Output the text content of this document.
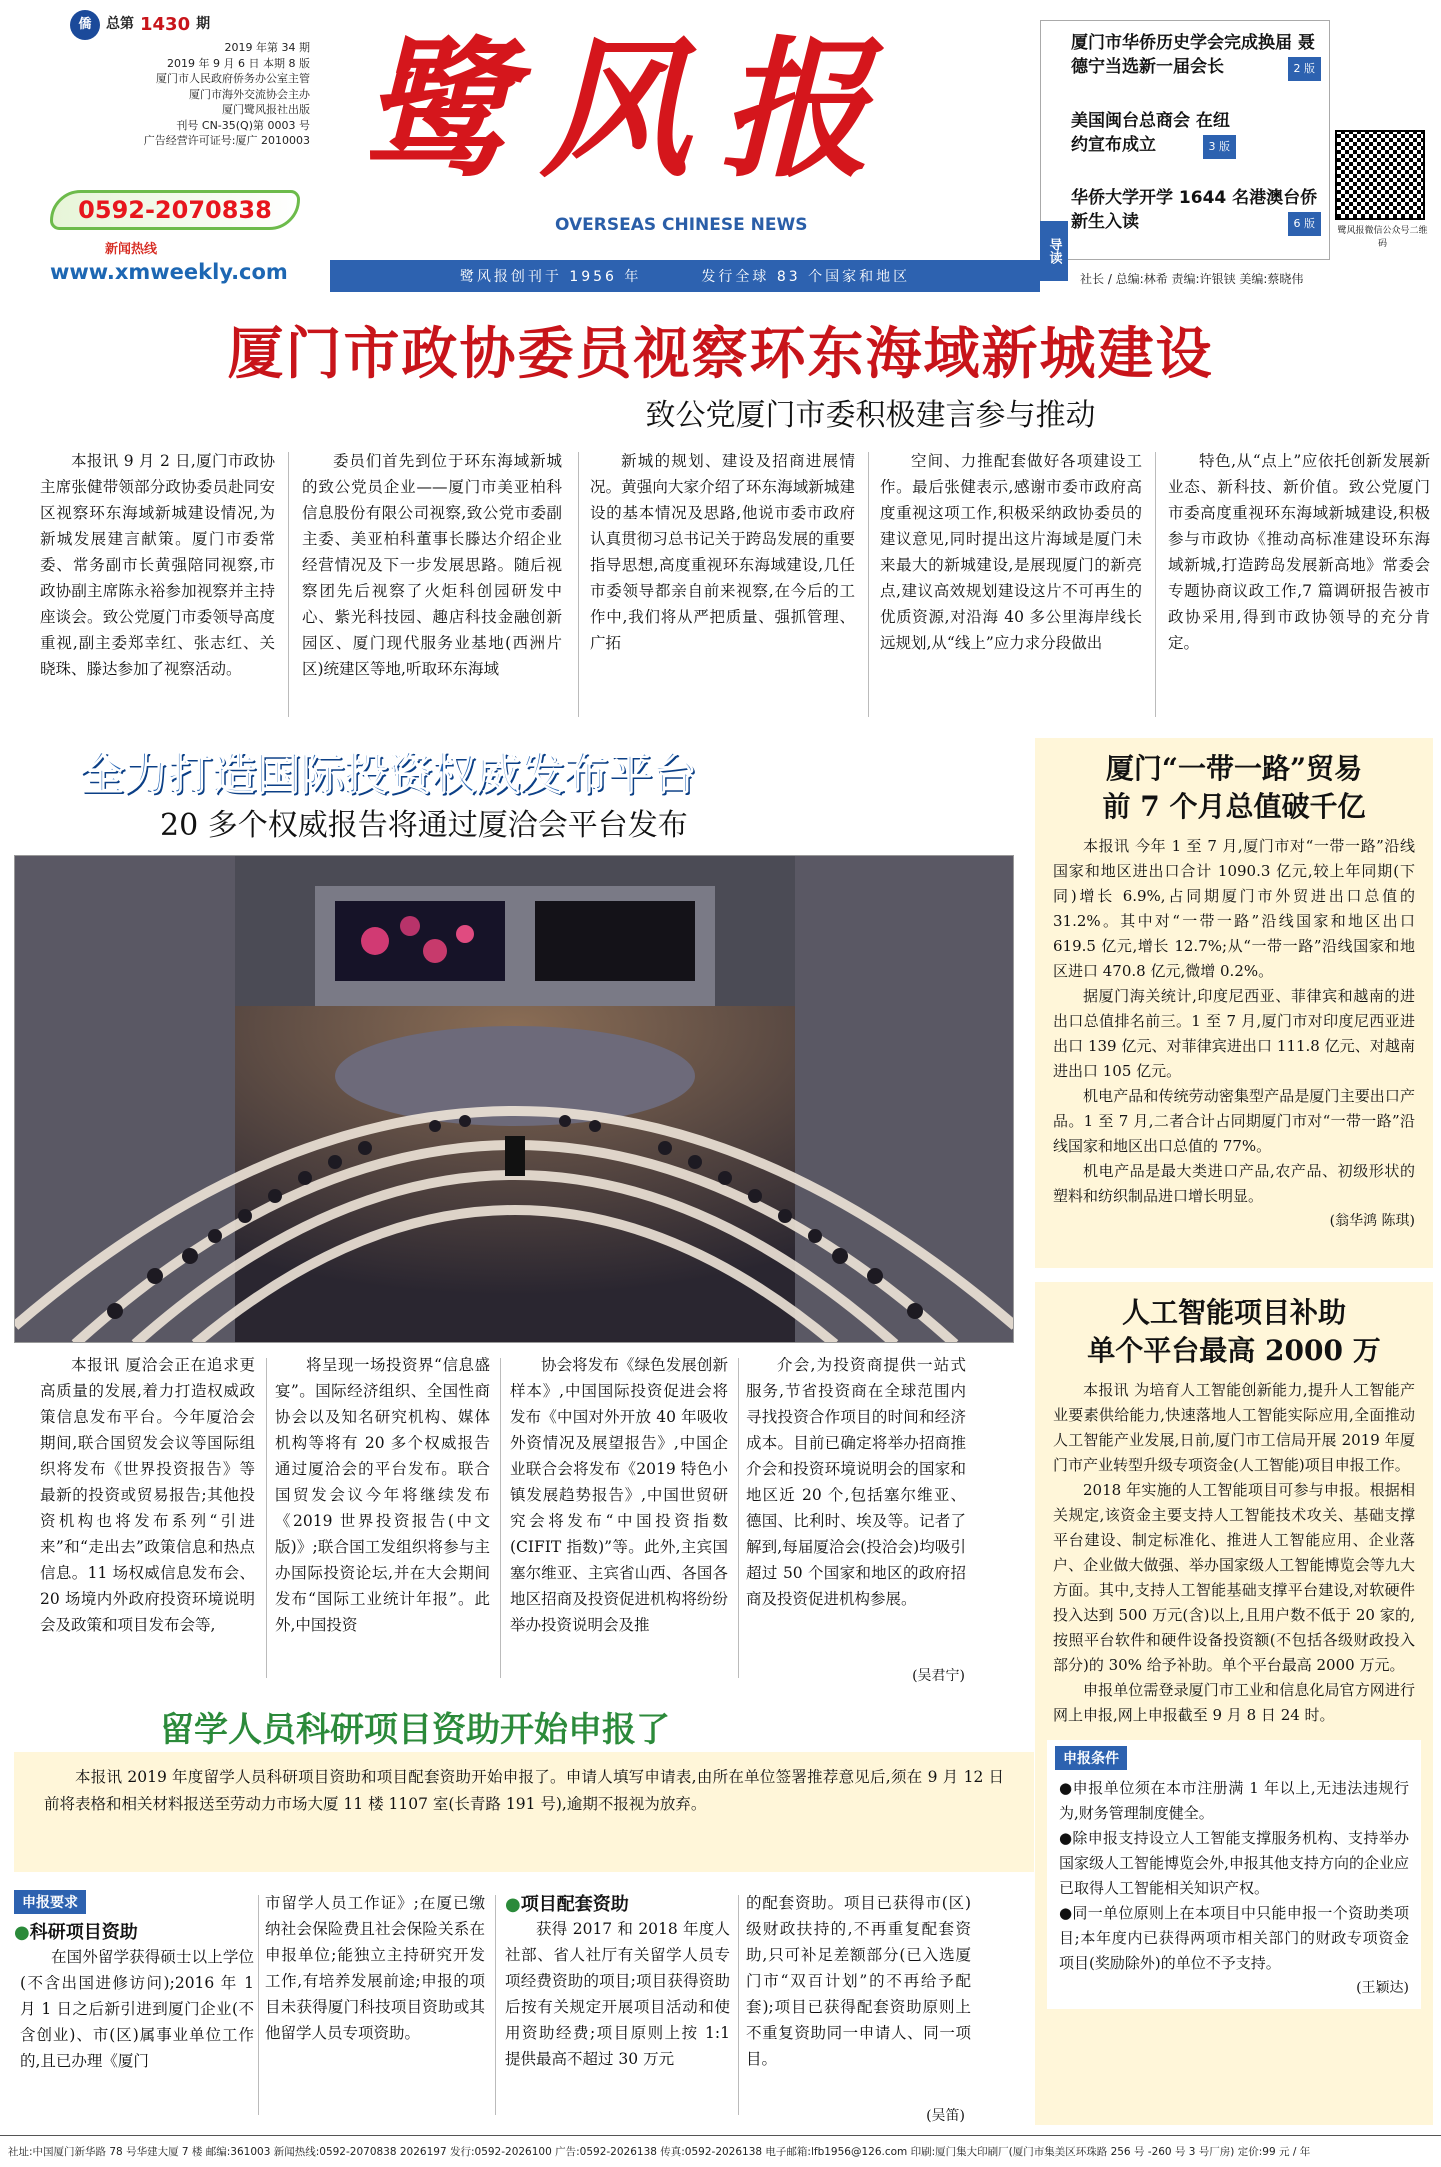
僑	总第 1430 期
2019 年第 34 期
2019 年 9 月 6 日 本期 8 版
厦门市人民政府侨务办公室主管
厦门市海外交流协会主办
厦门鹭风报社出版
刊号 CN-35(Q)第 0003 号
广告经营许可证号:厦广 2010003
0592-2070838
新闻热线
www.xmweekly.com
鹭风报
OVERSEAS CHINESE NEWS
鹭风报创刊于 1956 年	发行全球 83 个国家和地区
导读
厦门市华侨历史学会完成换届 聂德宁当选新一届会长	2 版
美国闽台总商会 在纽约宣布成立	3 版
华侨大学开学 1644 名港澳台侨新生入读	6 版
鹭风报微信公众号二维码
社长 / 总编:林希 责编:许银铗 美编:蔡晓伟
厦门市政协委员视察环东海域新城建设
致公党厦门市委积极建言参与推动

本报讯 9 月 2 日,厦门市政协主席张健带领部分政协委员赴同安区视察环东海域新城建设情况,为新城发展建言献策。厦门市委常委、常务副市长黄强陪同视察,市政协副主席陈永裕参加视察并主持座谈会。致公党厦门市委领导高度重视,副主委郑幸红、张志红、关晓珠、滕达参加了视察活动。

委员们首先到位于环东海域新城的致公党员企业——厦门市美亚柏科信息股份有限公司视察,致公党市委副主委、美亚柏科董事长滕达介绍企业经营情况及下一步发展思路。随后视察团先后视察了火炬科创园研发中心、紫光科技园、趣店科技金融创新园区、厦门现代服务业基地(西洲片区)统建区等地,听取环东海域

新城的规划、建设及招商进展情况。黄强向大家介绍了环东海域新城建设的基本情况及思路,他说市委市政府认真贯彻习总书记关于跨岛发展的重要指导思想,高度重视环东海域建设,几任市委领导都亲自前来视察,在今后的工作中,我们将从严把质量、强抓管理、广拓

空间、力推配套做好各项建设工作。最后张健表示,感谢市委市政府高度重视这项工作,积极采纳政协委员的建议意见,同时提出这片海域是厦门未来最大的新城建设,是展现厦门的新亮点,建议高效规划建设这片不可再生的优质资源,对沿海 40 多公里海岸线长远规划,从“线上”应力求分段做出

特色,从“点上”应依托创新发展新业态、新科技、新价值。致公党厦门市委高度重视环东海域新城建设,积极参与市政协《推动高标准建设环东海域新城,打造跨岛发展新高地》常委会专题协商议政工作,7 篇调研报告被市政协采用,得到市政协领导的充分肯定。

全力打造国际投资权威发布平台
20 多个权威报告将通过厦洽会平台发布

本报讯 厦洽会正在追求更高质量的发展,着力打造权威政策信息发布平台。今年厦洽会期间,联合国贸发会议等国际组织将发布《世界投资报告》等最新的投资或贸易报告;其他投资机构也将发布系列“引进来”和“走出去”政策信息和热点信息。11 场权威信息发布会、20 场境内外政府投资环境说明会及政策和项目发布会等,

将呈现一场投资界“信息盛宴”。国际经济组织、全国性商协会以及知名研究机构、媒体机构等将有 20 多个权威报告通过厦洽会的平台发布。联合国贸发会议今年将继续发布《2019 世界投资报告(中文版)》;联合国工发组织将参与主办国际投资论坛,并在大会期间发布“国际工业统计年报”。此外,中国投资

协会将发布《绿色发展创新样本》,中国国际投资促进会将发布《中国对外开放 40 年吸收外资情况及展望报告》,中国企业联合会将发布《2019 特色小镇发展趋势报告》,中国世贸研究会将发布“中国投资指数(CIFIT 指数)”等。此外,主宾国塞尔维亚、主宾省山西、各国各地区招商及投资促进机构将纷纷举办投资说明会及推

介会,为投资商提供一站式服务,节省投资商在全球范围内寻找投资合作项目的时间和经济成本。目前已确定将举办招商推介会和投资环境说明会的国家和地区近 20 个,包括塞尔维亚、德国、比利时、埃及等。记者了解到,每届厦洽会(投洽会)均吸引超过 50 个国家和地区的政府招商及投资促进机构参展。

(吴君宁)
厦门“一带一路”贸易
前 7 个月总值破千亿

本报讯 今年 1 至 7 月,厦门市对“一带一路”沿线国家和地区进出口合计 1090.3 亿元,较上年同期(下同)增长 6.9%,占同期厦门市外贸进出口总值的 31.2%。其中对“一带一路”沿线国家和地区出口 619.5 亿元,增长 12.7%;从“一带一路”沿线国家和地区进口 470.8 亿元,微增 0.2%。

据厦门海关统计,印度尼西亚、菲律宾和越南的进出口总值排名前三。1 至 7 月,厦门市对印度尼西亚进出口 139 亿元、对菲律宾进出口 111.8 亿元、对越南进出口 105 亿元。

机电产品和传统劳动密集型产品是厦门主要出口产品。1 至 7 月,二者合计占同期厦门市对“一带一路”沿线国家和地区出口总值的 77%。

机电产品是最大类进口产品,农产品、初级形状的塑料和纺织制品进口增长明显。

(翁华鸿 陈琪)
人工智能项目补助
单个平台最高 2000 万

本报讯 为培育人工智能创新能力,提升人工智能产业要素供给能力,快速落地人工智能实际应用,全面推动人工智能产业发展,日前,厦门市工信局开展 2019 年厦门市产业转型升级专项资金(人工智能)项目申报工作。

2018 年实施的人工智能项目可参与申报。根据相关规定,该资金主要支持人工智能技术攻关、基础支撑平台建设、制定标准化、推进人工智能应用、企业落户、企业做大做强、举办国家级人工智能博览会等九大方面。其中,支持人工智能基础支撑平台建设,对软硬件投入达到 500 万元(含)以上,且用户数不低于 20 家的,按照平台软件和硬件设备投资额(不包括各级财政投入部分)的 30% 给予补助。单个平台最高 2000 万元。

申报单位需登录厦门市工业和信息化局官方网进行网上申报,网上申报截至 9 月 8 日 24 时。

申报条件
●申报单位须在本市注册满 1 年以上,无违法违规行为,财务管理制度健全。
●除申报支持设立人工智能支撑服务机构、支持举办国家级人工智能博览会外,申报其他支持方向的企业应已取得人工智能相关知识产权。
●同一单位原则上在本项目中只能申报一个资助类项目;本年度内已获得两项市相关部门的财政专项资金项目(奖励除外)的单位不予支持。
(王颖达)
留学人员科研项目资助开始申报了

本报讯 2019 年度留学人员科研项目资助和项目配套资助开始申报了。申请人填写申请表,由所在单位签署推荐意见后,须在 9 月 12 日前将表格和相关材料报送至劳动力市场大厦 11 楼 1107 室(长青路 191 号),逾期不报视为放弃。

申报要求
●科研项目资助

在国外留学获得硕士以上学位(不含出国进修访问);2016 年 1 月 1 日之后新引进到厦门企业(不含创业)、市(区)属事业单位工作的,且已办理《厦门

市留学人员工作证》;在厦已缴纳社会保险费且社会保险关系在申报单位;能独立主持研究开发工作,有培养发展前途;申报的项目未获得厦门科技项目资助或其他留学人员专项资助。

●项目配套资助

获得 2017 和 2018 年度人社部、省人社厅有关留学人员专项经费资助的项目;项目获得资助后按有关规定开展项目活动和使用资助经费;项目原则上按 1:1 提供最高不超过 30 万元

的配套资助。项目已获得市(区)级财政扶持的,不再重复配套资助,只可补足差额部分(已入选厦门市“双百计划”的不再给予配套);项目已获得配套资助原则上不重复资助同一申请人、同一项目。

(吴笛)
社址:中国厦门新华路 78 号华建大厦 7 楼 邮编:361003 新闻热线:0592-2070838 2026197 发行:0592-2026100 广告:0592-2026138 传真:0592-2026138 电子邮箱:lfb1956@126.com 印刷:厦门集大印刷厂(厦门市集美区环珠路 256 号 -260 号 3 号厂房) 定价:99 元 / 年
